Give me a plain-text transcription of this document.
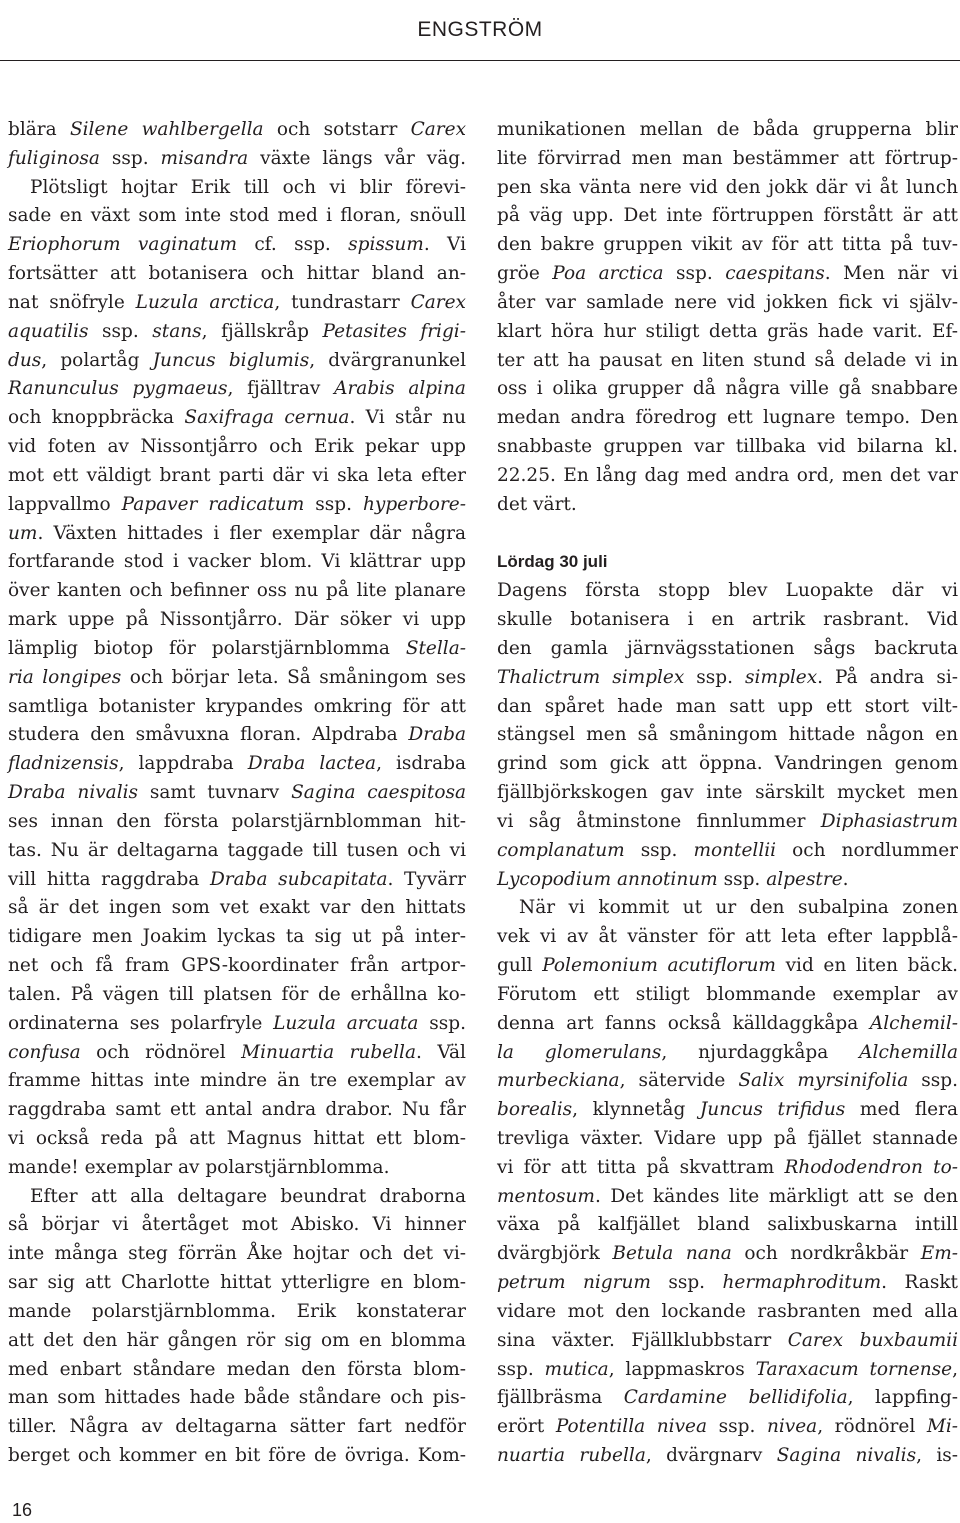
ENGSTRÖM
blära Silene wahlbergella och sotstarr Carex
fuliginosa ssp. misandra växte längs vår väg.
Plötsligt hojtar Erik till och vi blir förevi-
sade en växt som inte stod med i floran, snöull
Eriophorum vaginatum cf. ssp. spissum. Vi
fortsätter att botanisera och hittar bland an-
nat snöfryle Luzula arctica, tundrastarr Carex
aquatilis ssp. stans, fjällskråp Petasites frigi-
dus, polartåg Juncus biglumis, dvärgranunkel
Ranunculus pygmaeus, fjälltrav Arabis alpina
och knoppbräcka Saxifraga cernua. Vi står nu
vid foten av Nissontjårro och Erik pekar upp
mot ett väldigt brant parti där vi ska leta efter
lappvallmo Papaver radicatum ssp. hyperbore-
um. Växten hittades i fler exemplar där några
fortfarande stod i vacker blom. Vi klättrar upp
över kanten och befinner oss nu på lite planare
mark uppe på Nissontjårro. Där söker vi upp
lämplig biotop för polarstjärnblomma Stella-
ria longipes och börjar leta. Så småningom ses
samtliga botanister krypandes omkring för att
studera den småvuxna floran. Alpdraba Draba
fladnizensis, lappdraba Draba lactea, isdraba
Draba nivalis samt tuvnarv Sagina caespitosa
ses innan den första polarstjärnblomman hit-
tas. Nu är deltagarna taggade till tusen och vi
vill hitta raggdraba Draba subcapitata. Tyvärr
så är det ingen som vet exakt var den hittats
tidigare men Joakim lyckas ta sig ut på inter-
net och få fram GPS-koordinater från artpor-
talen. På vägen till platsen för de erhållna ko-
ordinaterna ses polarfryle Luzula arcuata ssp.
confusa och rödnörel Minuartia rubella. Väl
framme hittas inte mindre än tre exemplar av
raggdraba samt ett antal andra drabor. Nu får
vi också reda på att Magnus hittat ett blom-
mande! exemplar av polarstjärnblomma.
Efter att alla deltagare beundrat draborna
så börjar vi återtåget mot Abisko. Vi hinner
inte många steg förrän Åke hojtar och det vi-
sar sig att Charlotte hittat ytterligre en blom-
mande polarstjärnblomma. Erik konstaterar
att det den här gången rör sig om en blomma
med enbart ståndare medan den första blom-
man som hittades hade både ståndare och pis-
tiller. Några av deltagarna sätter fart nedför
berget och kommer en bit före de övriga. Kom-
munikationen mellan de båda grupperna blir
lite förvirrad men man bestämmer att förtrup-
pen ska vänta nere vid den jokk där vi åt lunch
på väg upp. Det inte förtruppen förstått är att
den bakre gruppen vikit av för att titta på tuv-
gröe Poa arctica ssp. caespitans. Men när vi
åter var samlade nere vid jokken fick vi själv-
klart höra hur stiligt detta gräs hade varit. Ef-
ter att ha pausat en liten stund så delade vi in
oss i olika grupper då några ville gå snabbare
medan andra föredrog ett lugnare tempo. Den
snabbaste gruppen var tillbaka vid bilarna kl.
22.25. En lång dag med andra ord, men det var
det värt.
Lördag 30 juli
Dagens första stopp blev Luopakte där vi
skulle botanisera i en artrik rasbrant. Vid
den gamla järnvägsstationen sågs backruta
Thalictrum simplex ssp. simplex. På andra si-
dan spåret hade man satt upp ett stort vilt-
stängsel men så småningom hittade någon en
grind som gick att öppna. Vandringen genom
fjällbjörkskogen gav inte särskilt mycket men
vi såg åtminstone finnlummer Diphasiastrum
complanatum ssp. montellii och nordlummer
Lycopodium annotinum ssp. alpestre.
När vi kommit ut ur den subalpina zonen
vek vi av åt vänster för att leta efter lappblå-
gull Polemonium acutiflorum vid en liten bäck.
Förutom ett stiligt blommande exemplar av
denna art fanns också källdaggkåpa Alchemil-
la glomerulans, njurdaggkåpa Alchemilla
murbeckiana, sätervide Salix myrsinifolia ssp.
borealis, klynnetåg Juncus trifidus med flera
trevliga växter. Vidare upp på fjället stannade
vi för att titta på skvattram Rhododendron to-
mentosum. Det kändes lite märkligt att se den
växa på kalfjället bland salixbuskarna intill
dvärgbjörk Betula nana och nordkråkbär Em-
petrum nigrum ssp. hermaphroditum. Raskt
vidare mot den lockande rasbranten med alla
sina växter. Fjällklubbstarr Carex buxbaumii
ssp. mutica, lappmaskros Taraxacum tornense,
fjällbräsma Cardamine bellidifolia, lappfing-
erört Potentilla nivea ssp. nivea, rödnörel Mi-
nuartia rubella, dvärgnarv Sagina nivalis, is-
16
